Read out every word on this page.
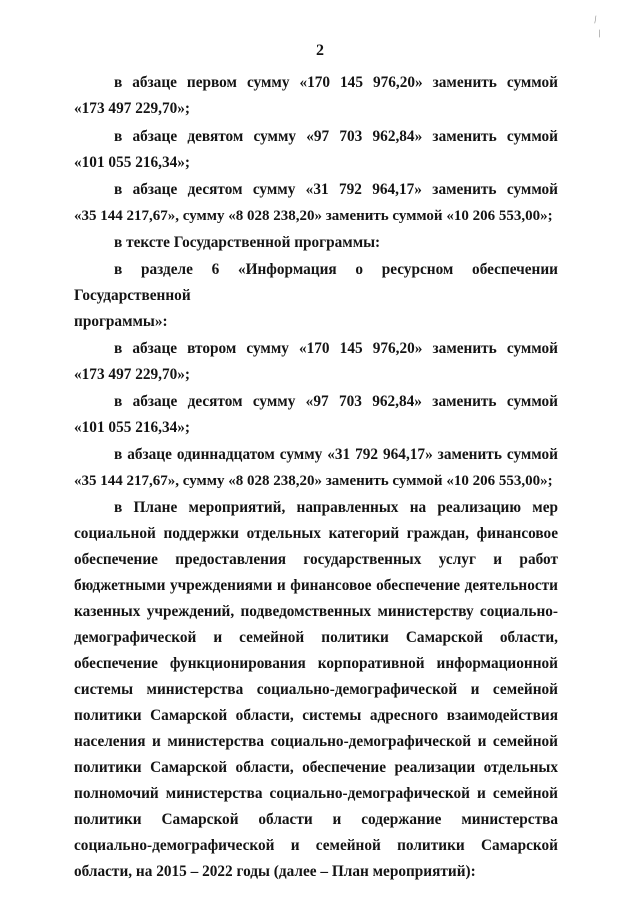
/
/
2

в абзаце первом сумму «170 145 976,20» заменить суммой

«173 497 229,70»;

в абзаце девятом сумму «97 703 962,84» заменить суммой

«101 055 216,34»;

в абзаце десятом сумму «31 792 964,17» заменить суммой

«35 144 217,67», сумму «8 028 238,20» заменить суммой «10 206 553,00»;

в тексте Государственной программы:

в разделе 6 «Информация о ресурсном обеспечении Государственной

программы»:

в абзаце втором сумму «170 145 976,20» заменить суммой

«173 497 229,70»;

в абзаце десятом сумму «97 703 962,84» заменить суммой

«101 055 216,34»;

в абзаце одиннадцатом сумму «31 792 964,17» заменить суммой

«35 144 217,67», сумму «8 028 238,20» заменить суммой «10 206 553,00»;

в Плане мероприятий, направленных на реализацию мер социальной поддержки отдельных категорий граждан, финансовое обеспечение предоставления государственных услуг и работ бюджетными учреждениями и финансовое обеспечение деятельности казенных учреждений, подведомственных министерству социально-демографической и семейной политики Самарской области, обеспечение функционирования корпоративной информационной системы министерства социально-демографической и семейной политики Самарской области, системы адресного взаимодействия населения и министерства социально-демографической и семейной политики Самарской области, обеспечение реализации отдельных полномочий министерства социально-демографической и семейной политики Самарской области и содержание министерства социально-демографической и семейной политики Самарской области, на 2015 – 2022 годы (далее – План мероприятий):
